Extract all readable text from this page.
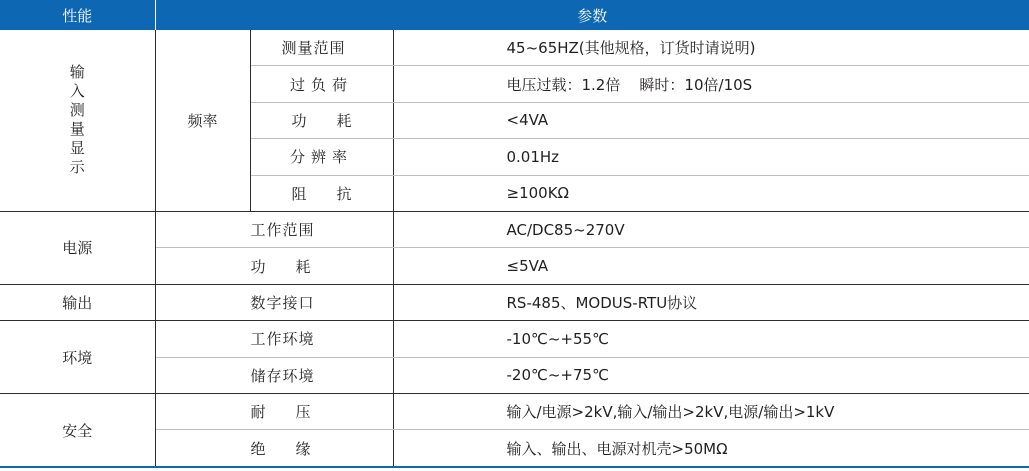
性能	参数		
输入测量显示	频率	测量范围	45~65HZ(其他规格，订货时请说明)
		过负荷	电压过载：1.2倍    瞬时：10倍/10S
		功耗	<4VA
		分辨率	0.01Hz
		阻抗	≥100KΩ
电源	工作范围		AC/DC85~270V
	功耗		≤5VA
输出	数字接口		RS-485、MODUS-RTU协议
环境	工作环境		-10℃~+55℃
	储存环境		-20℃~+75℃
安全	耐压		输入/电源>2kV,输入/输出>2kV,电源/输出>1kV
	绝缘		输入、输出、电源对机壳>50MΩ
